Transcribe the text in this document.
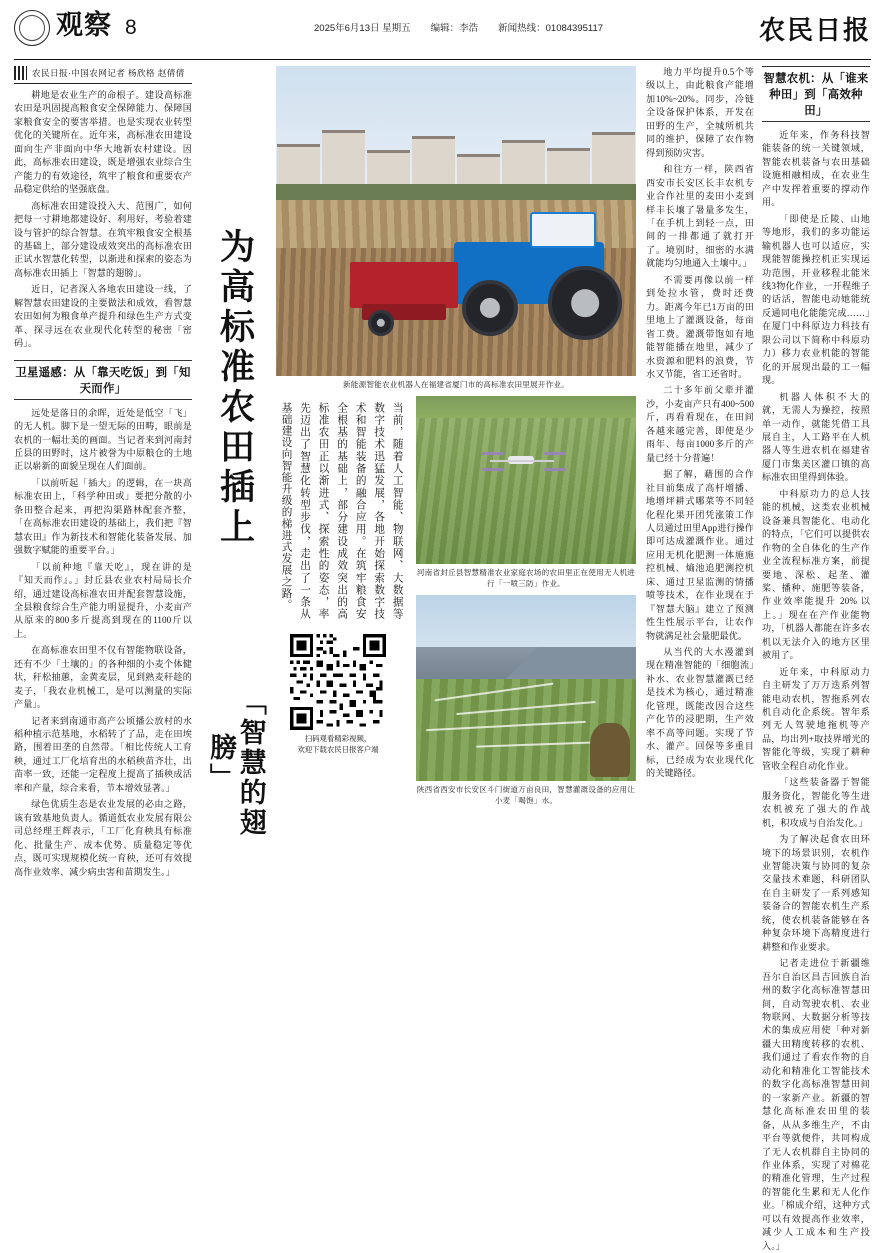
观察 8	2025年6月13日 星期五 编辑：李浩 新闻热线：01084395117	农民日报
农民日报·中国农网记者 杨欣格 赵倩倩

耕地是农业生产的命根子。建设高标准农田是巩固提高粮食安全保障能力、保障国家粮食安全的要害举措。也是实现农业转型优化的关键所在。近年来，高标准农田建设面向生产非面向中华大地新农村建设。因此，高标准农田建设，既是增强农业综合生产能力的有效途径，筑牢了粮食和重要农产品稳定供给的坚强底盘。

高标准农田建设投入大、范围广，如何把每一寸耕地都建设好、利用好，考验着建设与管护的综合智慧。在筑牢粮食安全根基的基础上，部分建设成效突出的高标准农田正试水智慧化转型，以渐进和探索的姿态为高标准农田插上「智慧的翅膀」。

近日，记者深入各地农田建设一线，了解智慧农田建设的主要做法和成效，看智慧农田如何为粮食单产提升和绿色生产方式变革、探寻远在农业现代化转型的秘密「密码」。

卫星遥感：从「靠天吃饭」到「知天而作」

远处是落日的余晖，近处是低空「飞」的无人机。脚下是一望无际的田畴，眼前是农机的一幅壮美的画面。当记者来到河南封丘县的田野时，这片被誉为中原粮仓的土地正以崭新的面貌呈现在人们面前。

「以前听起「插大」的逻辑，在一块高标准农田上，「科学种田或」要把分散的小条田整合起来，再把沟渠路林配套齐整，「在高标准农田建设的基础上，我们把『智慧农田』作为新技术和智能化装备发展、加强数字赋能的重要平台。」

「以前种地『靠天吃』，现在讲的是『知天而作』。」封丘县农业农村局局长介绍，通过建设高标准农田并配套智慧设施，全县粮食综合生产能力明显提升，小麦亩产从原来的800多斤提高到现在的1100斤以上。

在高标准农田里不仅有智能物联设备，还有不少「土壤的」的各种细的小麦个体健状，秆松抽蕙，金黄麦层，见到熟麦秆趁的麦子，「我农业机械工，是可以测量的实际产量」。

记者来到南通市高产公顷播公放村的水稻种植示范基地，水稻转了了品，走在田埃路，围着田垄的自然带。「相比传统人工育秧，通过工厂化培育出的水稻秧苗齐壮，出苗率一致，还能一定程度上提高了插秧成活率和产量，综合来看，节本增效显著。」

绿色优质生态是农业发展的必由之路，该有致基地负责人。循道低农业发展有限公司总经理王辉表示，「工厂化育秧具有标准化、批量生产、成本优势、质量稳定等优点，既可实现规模化统一育秧，还可有效提高作业效率、减少病虫害和苗期发生。」

为高标准农田插上
「智慧的翅膀」
新能源智能农业机器人在福建省厦门市的高标准农田里展开作业。
当前，随着人工智能、物联网、大数据等数字技术迅猛发展，各地开始探索数字技术和智能装备的融合应用。在筑牢粮食安全根基的基础上，部分建设成效突出的高标准农田正以渐进式、探索性的姿态，率先迈出了智慧化转型步伐，走出了一条从基础建设向智能升级的梯进式发展之路。
扫码观看精彩视频，
欢迎下载农民日报客户端
河南省封丘县智慧精准农业家庭农场的农田里正在使用无人机进行「一喷三防」作业。
陕西省西安市长安区斗门街道万亩良田，智慧灌溉设备的应用让小麦「喝饱」水。

地力平均提升0.5个等级以上，由此粮食产能增加10%~20%。同步，冷链全设备保护体系，开发在田野的生产，全城所机共同的维护，保障了农作物得到预防灾害。

和往方一样，陕西省西安市长安区长丰农机专业合作社里的麦田小麦到样丰长壤了暑量多发生，「在手机上到轻一点，田间的一排都通了就打开了。境别时，细密的水满就能均匀地通入土壤中。」

不需要再像以前一样到处拉水管，费时还费力。距离今年已1万亩的田里地上了灌溉设备，每亩省工费。灌溉带饱如有地能智能播在地里，减少了水资源和肥料的浪费，节水又节能，省工还省时。

二十多年前父辈并灌沙，小麦亩产只有400~500斤，再看看现在，在田间各越来越完善，即使是少雨年、每亩1000多斤的产量已经十分普遍！

据了解，藉围的合作社目前集成了高杆增播、地增坪耕式哪菜等不同轻化程化果开团凭涨策工作人员通过田里App进行操作即可达成灌溉作业。通过应用无机化肥测一体施施控机械、熵池追肥测控机床、通过卫星监测的情播喷等技术，在作业现在于『智慧大脑』建立了预测性生性展示平台，让农作物就满足社会量肥最优。

从当代的大水漫灌到现在精准智能的「细胞流」补水、农业智慧灌溉已经是技术为核心，通过精准化管理，既能改因合这些产化节的浸肥期，生产效率不高等问题。实现了节水、灌产。回保等多重目标，已经成为农业现代化的关键路径。

智慧农机：从「谁来种田」到「高效种田」

近年来，作务科技智能装备的统一关键领域，智能农机装备与农田基础设施相融相成，在农业生产中发挥着重要的撑动作用。

「即使是丘陵、山地等地形，我们的多功能运输机器人也可以适应，实现能智能操控机正实现运功范围，开业移程北能米线3物化作业，一开程维子的话活，智能电动她能统反通同电化能能完成……」在厦门中科原边力科技有限公司以下简称中科原功力）移力农业机能的智能化的开展现出最的工一幅现。

机器人体积不大的就，无需人为操控，按照单一动作，就能凭借工具展自主，人工路平在人机器人等生进农机在福建省厦门市集美区灌口镇的高标准农田里得到体验。

中科原功力的总人技能的机械，这类农业机械设备兼具智能化、电动化的特点，「它们可以提供农作物的全自体化的生产作业全流程标准方案，前提要地、深松、起垄、灌桨、播种、施肥等装备，作业效率能提升 20% 以上。」现在在产作业能物功，「机器人都能在许多农机以无法介入的地方区里被用了。

近年来，中科原动力自主研发了万万迭系列智能电动农机，智拖系列农机自动化企系统。智年系列无人驾驶地拖机等产品，均出列+取技界增光的智能化等级，实现了耕种管收全程自动化作业。

「这些装备器于智能服务资化，智能化等生进农机被充了强大的作战机，积攻成与自治发化。」

为了解决起食农田环境下的场景识别，农机作业智能决策与协同的复杂交量技术难题，科研团队在自主研发了一系列感知装备合的智能农机生产系统，使农机装备能够在各种复杂环境下高精度进行耕整和作业要求。

记者走进位于新疆维吾尔自治区昌吉回族自治州的数字化高标准智慧田间，自动驾驶农机、农业物联网、大数据分析等技术的集成应用使「种对新疆大田精度转移的农机、我们通过了看农作物的自动化和精准化工智能技术的数字化高标准智慧田间的一家新产业。新疆的智慧化高标准农田里的装备，从从多维生产，不由平台等就便件，共同构成了无人农机群自主协同的作业体系，实现了对棉花的精准化管理，生产过程的智能化生累和无人化作业。「棉成介绍，这种方式可以有效提高作业效率，减少人工成本和生产投入。」
